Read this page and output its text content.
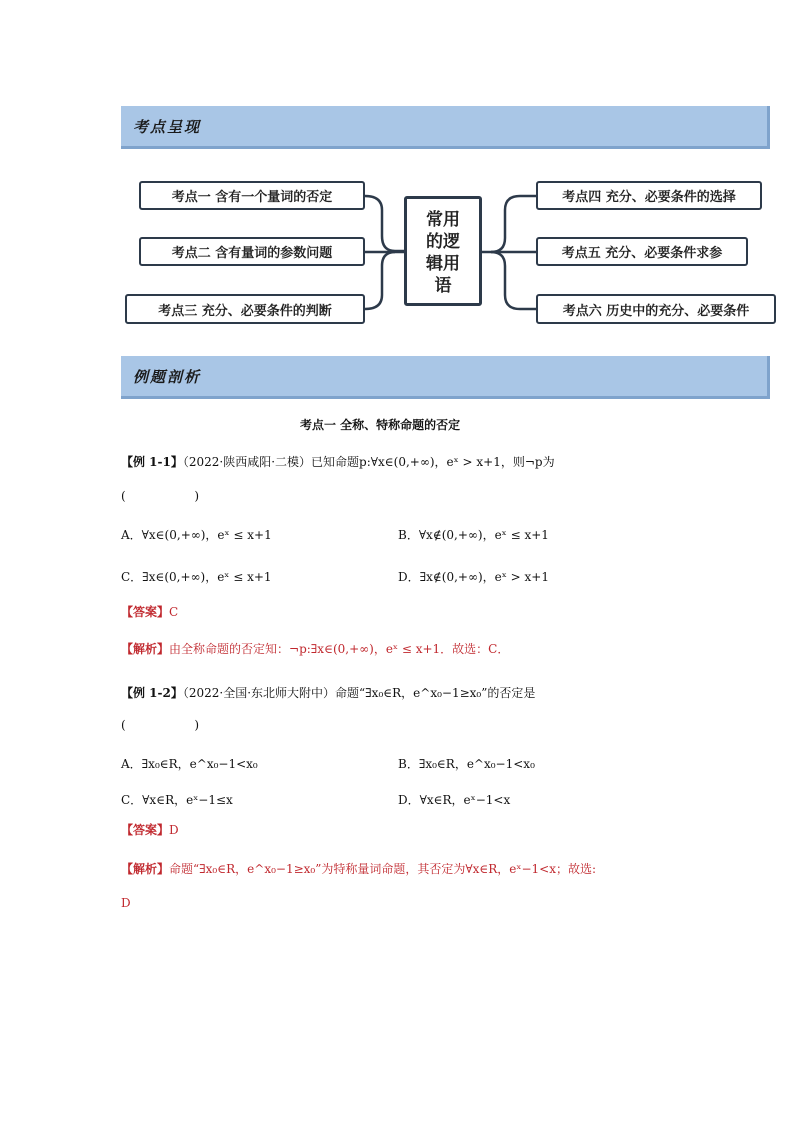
考点呈现
考点一 含有一个量词的否定
考点二 含有量词的参数问题
考点三 充分、必要条件的判断
常用
的逻
辑用
语
考点四 充分、必要条件的选择
考点五 充分、必要条件求参
考点六 历史中的充分、必要条件
例题剖析
考点一 全称、特称命题的否定
【例 1-1】（2022·陕西咸阳·二模）已知命题p:∀x∈(0,+∞)，eˣ > x+1，则¬p为
(                  )
A．∀x∈(0,+∞)，eˣ ≤ x+1	B．∀x∉(0,+∞)，eˣ ≤ x+1
C．∃x∈(0,+∞)，eˣ ≤ x+1	D．∃x∉(0,+∞)，eˣ > x+1
【答案】C
【解析】由全称命题的否定知：¬p:∃x∈(0,+∞)，eˣ ≤ x+1．故选：C．
【例 1-2】（2022·全国·东北师大附中）命题“∃x₀∈R，e^x₀−1≥x₀”的否定是
(                  )
A．∃x₀∈R，e^x₀−1<x₀	B．∃x₀∈R，e^x₀−1<x₀
C．∀x∈R，eˣ−1≤x	D．∀x∈R，eˣ−1<x
【答案】D
【解析】命题“∃x₀∈R，e^x₀−1≥x₀”为特称量词命题，其否定为∀x∈R，eˣ−1<x；故选:
D
